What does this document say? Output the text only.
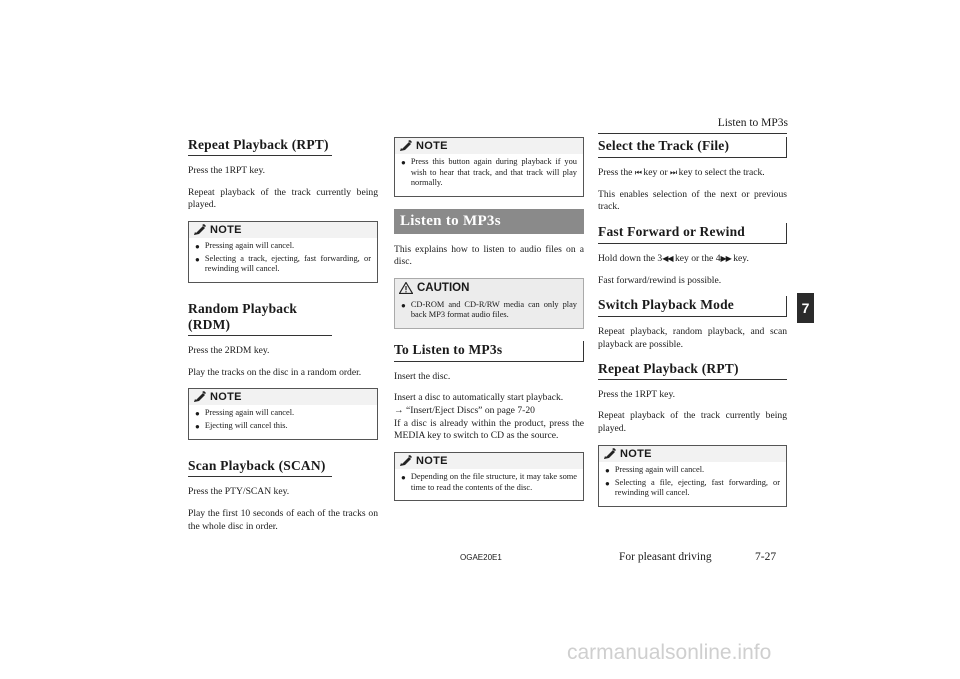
Listen to MP3s
7
Repeat Playback (RPT)

Press the 1RPT key.

Repeat playback of the track currently being played.

NOTE
● Pressing again will cancel.
● Selecting a track, ejecting, fast forwarding, or rewinding will cancel.
Random Playback (RDM)

Press the 2RDM key.

Play the tracks on the disc in a random order.

NOTE
● Pressing again will cancel.
● Ejecting will cancel this.
Scan Playback (SCAN)

Press the PTY/SCAN key.

Play the first 10 seconds of each of the tracks on the whole disc in order.

NOTE
● Press this button again during playback if you wish to hear that track, and that track will play normally.
Listen to MP3s

This explains how to listen to audio files on a disc.

CAUTION
● CD-ROM and CD-R/RW media can only play back MP3 format audio files.
To Listen to MP3s

Insert the disc.

Insert a disc to automatically start playback.

→ “Insert/Eject Discs” on page 7-20

If a disc is already within the product, press the MEDIA key to switch to CD as the source.

NOTE
● Depending on the file structure, it may take some time to read the contents of the disc.
Select the Track (File)

Press the ⏮ key or ⏭ key to select the track.

This enables selection of the next or previous track.

Fast Forward or Rewind

Hold down the 3◀◀ key or the 4▶▶ key.

Fast forward/rewind is possible.

Switch Playback Mode

Repeat playback, random playback, and scan playback are possible.

Repeat Playback (RPT)

Press the 1RPT key.

Repeat playback of the track currently being played.

NOTE
● Pressing again will cancel.
● Selecting a file, ejecting, fast forwarding, or rewinding will cancel.
OGAE20E1	For pleasant driving	7-27
carmanualsonline.info
